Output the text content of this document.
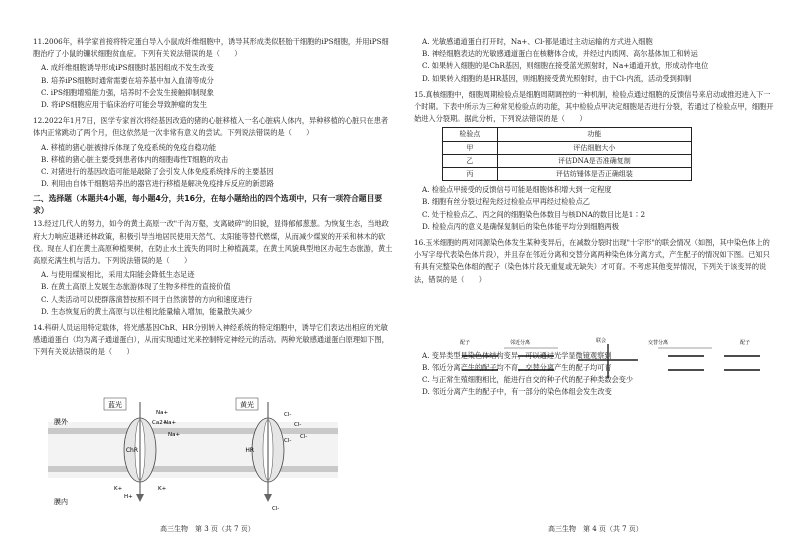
11.2006年，科学家首接将特定蛋白导入小鼠成纤维细胞中，诱导其形成类似胚胎干细胞的iPS细胞，并用iPS细胞治疗了小鼠的镰状细胞贫血症。下列有关说法错误的是（　　）
A. 成纤维细胞诱导形成iPS细胞时基因组成不发生改变
B. 培养iPS细胞时通常需要在培养基中加入血清等成分
C. iPS细胞增殖能力强，培养时不会发生接触抑制现象
D. 将iPS细胞应用于临床治疗可能会导致肿瘤的发生
12.2022年1月7日，医学专家首次将经基因改造的猪的心脏移植入一名心脏病人体内，异种移植的心脏只在患者体内正常跳动了两个月，但这依然是一次非常有意义的尝试。下列说法错误的是（　　）
A. 移植的猪心脏被排斥体现了免疫系统的免疫自稳功能
B. 移植的猪心脏主要受到患者体内的细胞毒性T细胞的攻击
C. 对猪进行的基因改造可能是敲除了会引发人体免疫系统排斥的主要基因
D. 利用由自体干细胞培养出的器官进行移植是解决免疫排斥反应的新思路
二、选择题（本题共4小题，每小题4分，共16分，在每小题给出的四个选项中，只有一项符合题目要求）
13.经过几代人的努力，如今的黄土高原一改"千沟万壑，支离破碎"的旧貌，显得郁郁葱葱。为恢复生态，当地政府大力响应退耕还林政策，积极引导当地居民使用天然气、太阳能等替代燃煤，从而减少煤炭的开采和林木的砍伐。现在人们在黄土高原种植果树，在防止水土流失的同时上种植蔬菜，在黄土风貌典型地区办起生态旅游，黄土高原充满生机与活力。下列说法错误的是（　　）
A. 与使用煤炭相比，采用太阳能会降低生态足迹
B. 在黄土高原上发展生态旅游体现了生物多样性的直接价值
C. 人类活动可以使群落演替按照不同于自然演替的方向和速度进行
D. 生态恢复后的黄土高原与以往相比能量输入增加，能量散失减少
14.科研人员运用特定载体，将光感基因ChR、HR分别转入神经系统的特定细胞中，诱导它们表达出相应的光敏感通道蛋白（均为离子通道蛋白），从而实现通过光来控制特定神经元的活动。两种光敏感通道蛋白原理如下图，下列有关说法错误的是（　　）
蓝光	黄光
膜外
膜内
ChR
Na+
Na+
Ca2+
Na+
K+
H+
K+
HR
Cl-
Cl-
Cl-
Cl-
Cl-
高三生物　第 3 页（共 7 页）
A. 光敏感通道蛋白打开时，Na+、Cl-都是通过主动运输的方式进入细胞
B. 神经细胞表达的光敏感通道蛋白在核糖体合成，并经过内质网、高尔基体加工和转运
C. 如果转入细胞的是ChR基因，则细胞在接受蓝光照射时，Na+通道开放，形成动作电位
D. 如果转入细胞的是HR基因，则细胞接受黄光照射时，由于Cl-内流，活动受到抑制
15.真核细胞中，细胞周期检验点是细胞周期调控的一种机制，检验点通过细胞的反馈信号来启动或推迟进入下一个时期。下表中所示为三种常见检验点的功能，其中检验点甲决定细胞是否进行分裂，若通过了检验点甲，细胞开始进入分裂期。据此分析，下列说法错误的是（　　）
检验点	功能
甲	评估细胞大小
乙	评估DNA是否准确复制
丙	评估纺锤体是否正确组装
A. 检验点甲接受的反馈信号可能是细胞体积增大到一定程度
B. 细胞有丝分裂过程先经过检验点甲再经过检验点乙
C. 处于检验点乙、丙之间的细胞染色体数目与核DNA的数目比是1∶2
D. 检验点丙的意义是确保复制后的染色体能平均分到细胞两极
16.玉米细胞的两对同源染色体发生某种变异后，在减数分裂时出现"十字形"的联会情况（如图，其中染色体上的小写字母代表染色体片段），并且存在邻近分离和交替分离两种染色体分离方式，产生配子的情况如下图。已知只有具有完整染色体组的配子（染色体片段无重复或无缺失）才可育。不考虑其他变异情况，下列关于该变异的说法，错误的是（　　）
A. 变异类型是染色体结构变异，可以通过光学显微镜观察到
B. 邻近分离产生的配子均不育，交替分离产生的配子均可育
C. 与正常生殖细胞相比，能进行自交的种子代的配子种类数会变少
D. 邻近分离产生的配子中，有一部分的染色体组会发生改变
配子	邻近分离	联会	交替分离	配子
高三生物　第 4 页（共 7 页）
